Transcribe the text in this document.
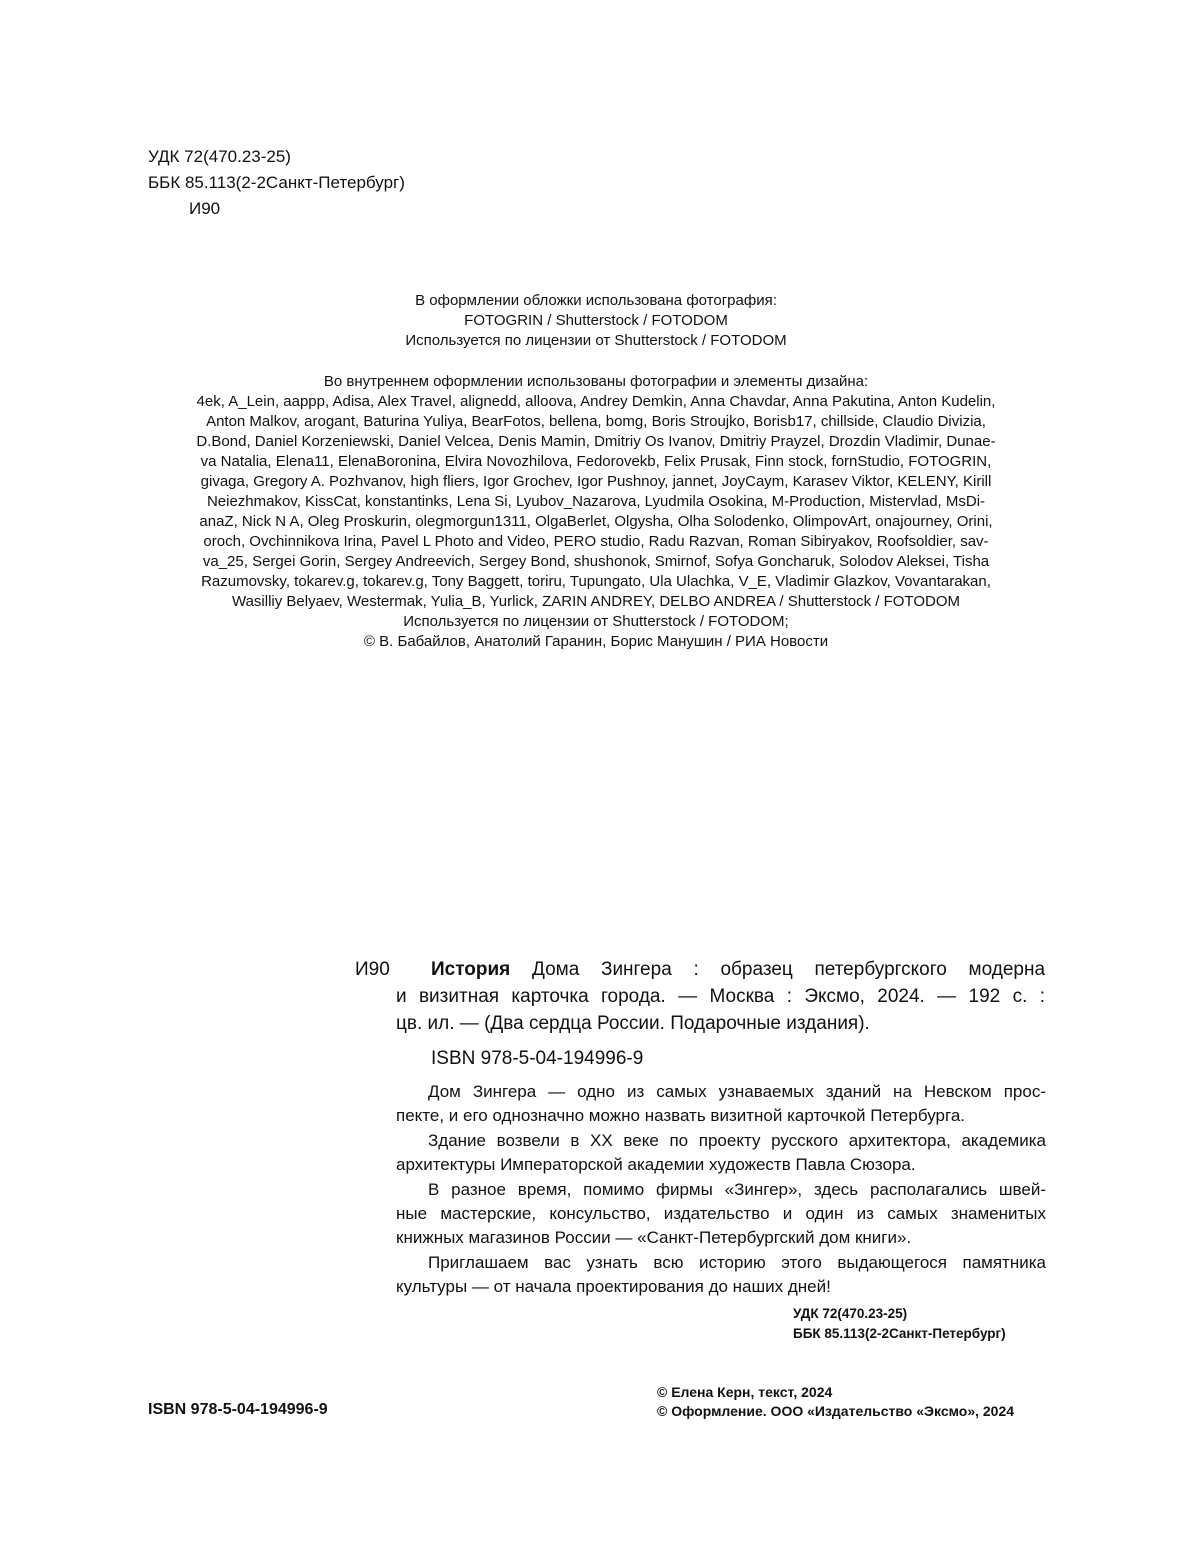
УДК 72(470.23-25)
ББК 85.113(2-2Санкт-Петербург)
И90
В оформлении обложки использована фотография:
FOTOGRIN / Shutterstock / FOTODOM
Используется по лицензии от Shutterstock / FOTODOM
Во внутреннем оформлении использованы фотографии и элементы дизайна:
4ek, A_Lein, aappp, Adisa, Alex Travel, alignedd, alloova, Andrey Demkin, Anna Chavdar, Anna Pakutina, Anton Kudelin,
Anton Malkov, arogant, Baturina Yuliya, BearFotos, bellena, bomg, Boris Stroujko, Borisb17, chillside, Claudio Divizia,
D.Bond, Daniel Korzeniewski, Daniel Velcea, Denis Mamin, Dmitriy Os Ivanov, Dmitriy Prayzel, Drozdin Vladimir, Dunae-
va Natalia, Elena11, ElenaBoronina, Elvira Novozhilova, Fedorovekb, Felix Prusak, Finn stock, fornStudio, FOTOGRIN,
givaga, Gregory A. Pozhvanov, high fliers, Igor Grochev, Igor Pushnoy, jannet, JoyCaym, Karasev Viktor, KELENY, Kirill
Neiezhmakov, KissCat, konstantinks, Lena Si, Lyubov_Nazarova, Lyudmila Osokina, M-Production, Mistervlad, MsDi-
anaZ, Nick N A, Oleg Proskurin, olegmorgun1311, OlgaBerlet, Olgysha, Olha Solodenko, OlimpovArt, onajourney, Orini,
oroch, Ovchinnikova Irina, Pavel L Photo and Video, PERO studio, Radu Razvan, Roman Sibiryakov, Roofsoldier, sav-
va_25, Sergei Gorin, Sergey Andreevich, Sergey Bond, shushonok, Smirnof, Sofya Goncharuk, Solodov Aleksei, Tisha
Razumovsky, tokarev.g, tokarev.g, Tony Baggett, toriru, Tupungato, Ula Ulachka, V_E, Vladimir Glazkov, Vovantarakan,
Wasilliy Belyaev, Westermak, Yulia_B, Yurlick, ZARIN ANDREY, DELBO ANDREA / Shutterstock / FOTODOM
Используется по лицензии от Shutterstock / FOTODOM;
© В. Бабайлов, Анатолий Гаранин, Борис Манушин / РИА Новости
И90	История Дома Зингера : образец петербургского модерна
и визитная карточка города. — Москва : Эксмо, 2024. — 192 с. :
цв. ил. — (Два сердца России. Подарочные издания).
ISBN 978-5-04-194996-9
Дом Зингера — одно из самых узнаваемых зданий на Невском прос-
пекте, и его однозначно можно назвать визитной карточкой Петербурга.
Здание возвели в XX веке по проекту русского архитектора, академика
архитектуры Императорской академии художеств Павла Сюзора.
В разное время, помимо фирмы «Зингер», здесь располагались швей-
ные мастерские, консульство, издательство и один из самых знаменитых
книжных магазинов России — «Санкт-Петербургский дом книги».
Приглашаем вас узнать всю историю этого выдающегося памятника
культуры — от начала проектирования до наших дней!
УДК 72(470.23-25)
ББК 85.113(2-2Санкт-Петербург)
© Елена Керн, текст, 2024
© Оформление. ООО «Издательство «Эксмо», 2024
ISBN 978-5-04-194996-9
